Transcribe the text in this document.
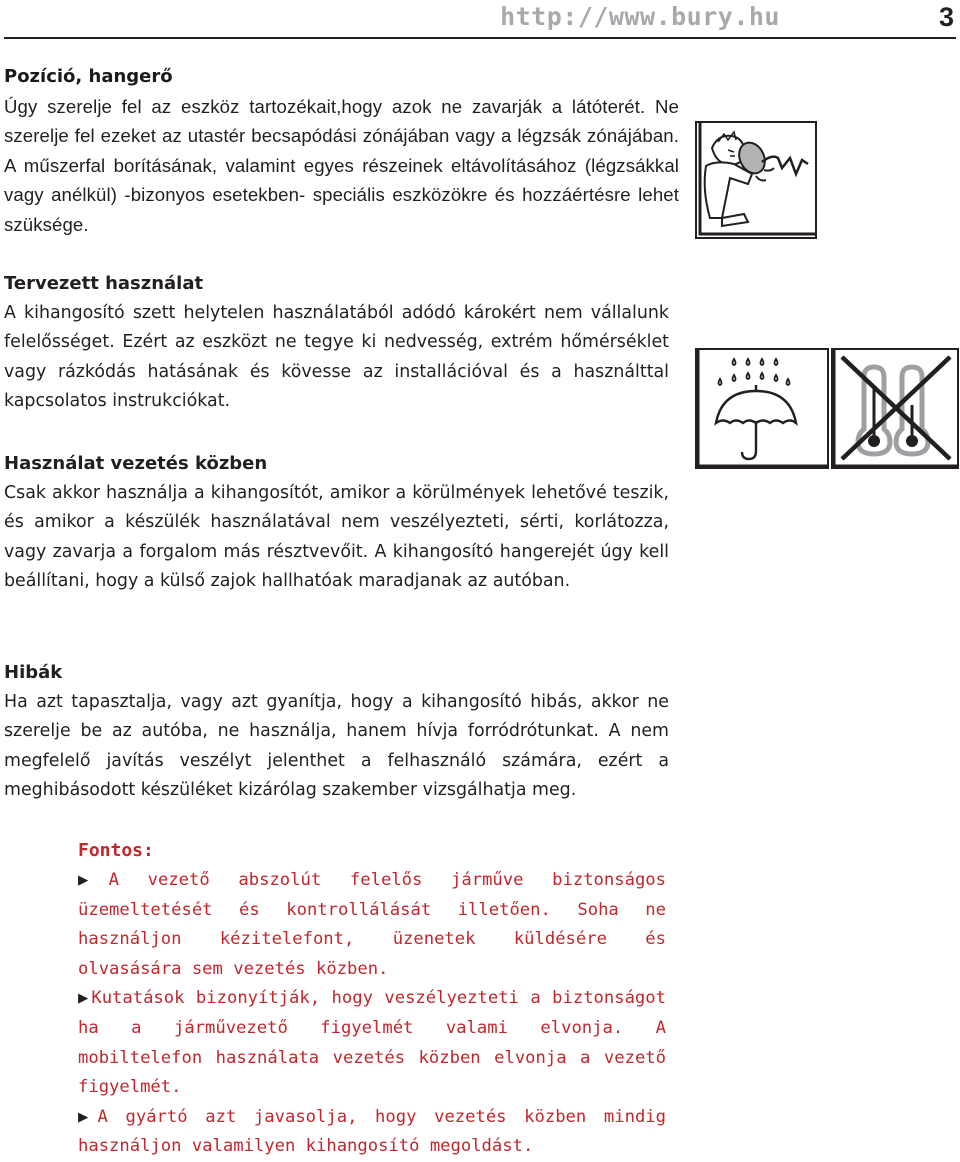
http://www.bury.hu	3
Pozíció, hangerő

Úgy szerelje fel az eszköz tartozékait,hogy azok ne zavarják a látóterét. Ne szerelje fel ezeket az utastér becsapódási zónájában vagy a légzsák zónájában. A műszerfal borításának, valamint egyes részeinek eltávolításához (légzsákkal vagy anélkül) -bizonyos esetekben- speciális eszközökre és hozzáértésre lehet szüksége.

Tervezett használat

A kihangosító szett helytelen használatából adódó károkért nem vállalunk felelősséget. Ezért az eszközt ne tegye ki nedvesség, extrém hőmérséklet vagy rázkódás hatásának és kövesse az installációval és a használttal kapcsolatos instrukciókat.

Használat vezetés közben

Csak akkor használja a kihangosítót, amikor a körülmények lehetővé teszik, és amikor a készülék használatával nem veszélyezteti, sérti, korlátozza, vagy zavarja a forgalom más résztvevőit. A kihangosító hangerejét úgy kell beállítani, hogy a külső zajok hallhatóak maradjanak az autóban.

Hibák

Ha azt tapasztalja, vagy azt gyanítja, hogy a kihangosító hibás, akkor ne szerelje be az autóba, ne használja, hanem hívja forródrótunkat. A nem megfelelő javítás veszélyt jelenthet a felhasználó számára, ezért a meghibásodott készüléket kizárólag szakember vizsgálhatja meg.

Fontos:

▶ A vezető abszolút felelős járműve biztonságos üzemeltetését és kontrollálását illetően. Soha ne használjon kézitelefont, üzenetek küldésére és olvasására sem vezetés közben.

▶ Kutatások bizonyítják, hogy veszélyezteti a biztonságot ha a járművezető figyelmét valami elvonja. A mobiltelefon használata vezetés közben elvonja a vezető figyelmét.

▶ A gyártó azt javasolja, hogy vezetés közben mindig használjon valamilyen kihangosító megoldást.
